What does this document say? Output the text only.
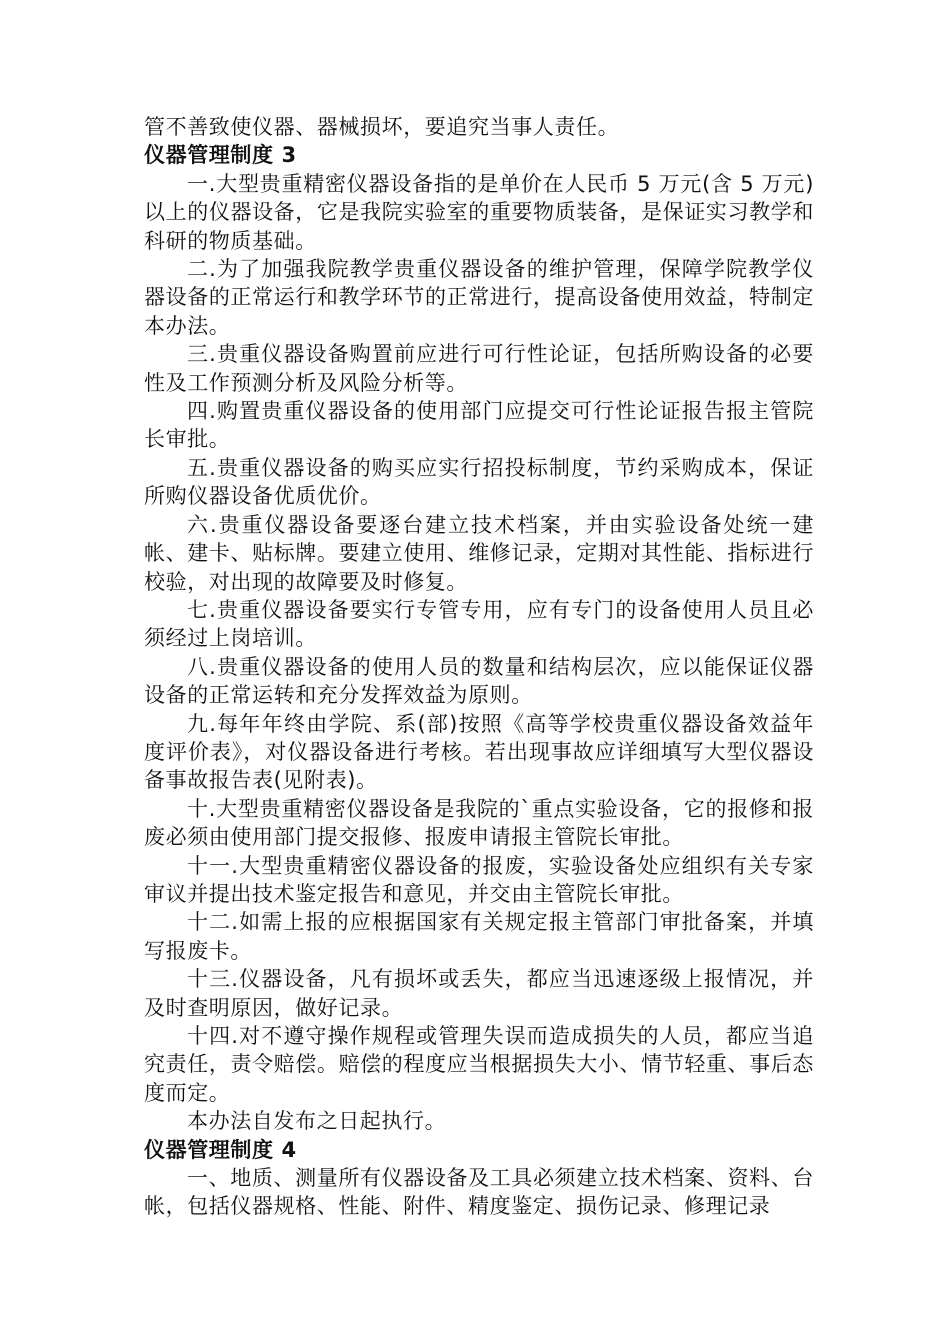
管不善致使仪器、器械损坏，要追究当事人责任。

仪器管理制度 3

一.大型贵重精密仪器设备指的是单价在人民币 5 万元(含 5 万元)以上的仪器设备，它是我院实验室的重要物质装备，是保证实习教学和科研的物质基础。

二.为了加强我院教学贵重仪器设备的维护管理，保障学院教学仪器设备的正常运行和教学环节的正常进行，提高设备使用效益，特制定本办法。

三.贵重仪器设备购置前应进行可行性论证，包括所购设备的必要性及工作预测分析及风险分析等。

四.购置贵重仪器设备的使用部门应提交可行性论证报告报主管院长审批。

五.贵重仪器设备的购买应实行招投标制度，节约采购成本，保证所购仪器设备优质优价。

六.贵重仪器设备要逐台建立技术档案，并由实验设备处统一建帐、建卡、贴标牌。要建立使用、维修记录，定期对其性能、指标进行校验，对出现的故障要及时修复。

七.贵重仪器设备要实行专管专用，应有专门的设备使用人员且必须经过上岗培训。

八.贵重仪器设备的使用人员的数量和结构层次，应以能保证仪器设备的正常运转和充分发挥效益为原则。

九.每年年终由学院、系(部)按照《高等学校贵重仪器设备效益年度评价表》，对仪器设备进行考核。若出现事故应详细填写大型仪器设备事故报告表(见附表)。

十.大型贵重精密仪器设备是我院的`重点实验设备，它的报修和报废必须由使用部门提交报修、报废申请报主管院长审批。

十一.大型贵重精密仪器设备的报废，实验设备处应组织有关专家审议并提出技术鉴定报告和意见，并交由主管院长审批。

十二.如需上报的应根据国家有关规定报主管部门审批备案，并填写报废卡。

十三.仪器设备，凡有损坏或丢失，都应当迅速逐级上报情况，并及时查明原因，做好记录。

十四.对不遵守操作规程或管理失误而造成损失的人员，都应当追究责任，责令赔偿。赔偿的程度应当根据损失大小、情节轻重、事后态度而定。

本办法自发布之日起执行。

仪器管理制度 4

一、地质、测量所有仪器设备及工具必须建立技术档案、资料、台帐，包括仪器规格、性能、附件、精度鉴定、损伤记录、修理记录
